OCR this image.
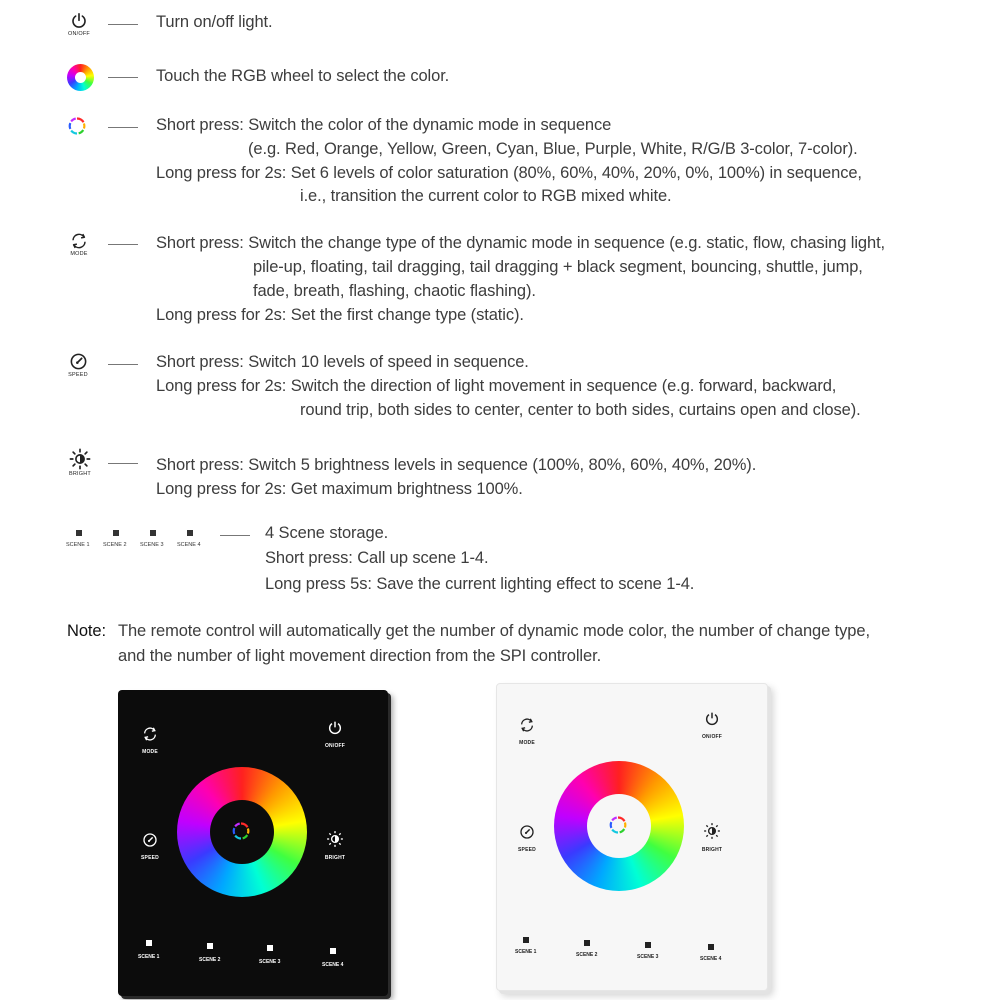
ON/OFF
Turn on/off light.
Touch the RGB wheel to select the color.
Short press: Switch the color of the dynamic mode in sequence
(e.g. Red, Orange, Yellow, Green, Cyan, Blue, Purple, White, R/G/B 3-color, 7-color).
Long press for 2s: Set 6 levels of color saturation (80%, 60%, 40%, 20%, 0%, 100%) in sequence,
i.e., transition the current color to RGB mixed white.
MODE
Short press: Switch the change type of the dynamic mode in sequence (e.g. static, flow, chasing light,
pile-up, floating, tail dragging, tail dragging + black segment, bouncing, shuttle, jump,
fade, breath, flashing, chaotic flashing).
Long press for 2s: Set the first change type (static).
SPEED
Short press: Switch 10 levels of speed in sequence.
Long press for 2s: Switch the direction of light movement in sequence (e.g. forward, backward,
round trip, both sides to center, center to both sides, curtains open and close).
BRIGHT	Short press: Switch 5 brightness levels in sequence (100%, 80%, 60%, 40%, 20%).
Long press for 2s: Get maximum brightness 100%.
SCENE 1 SCENE 2 SCENE 3 SCENE 4
4 Scene storage.
Short press: Call up scene 1-4.
Long press 5s: Save the current lighting effect to scene 1-4.
Note: The remote control will automatically get the number of dynamic mode color, the number of change type,
and the number of light movement direction from the SPI controller.
MODE
ON/OFF
SPEED	BRIGHT
SCENE 1	SCENE 2	SCENE 3	SCENE 4
MODE
ON/OFF
SPEED	BRIGHT
SCENE 1	SCENE 2	SCENE 3	SCENE 4
